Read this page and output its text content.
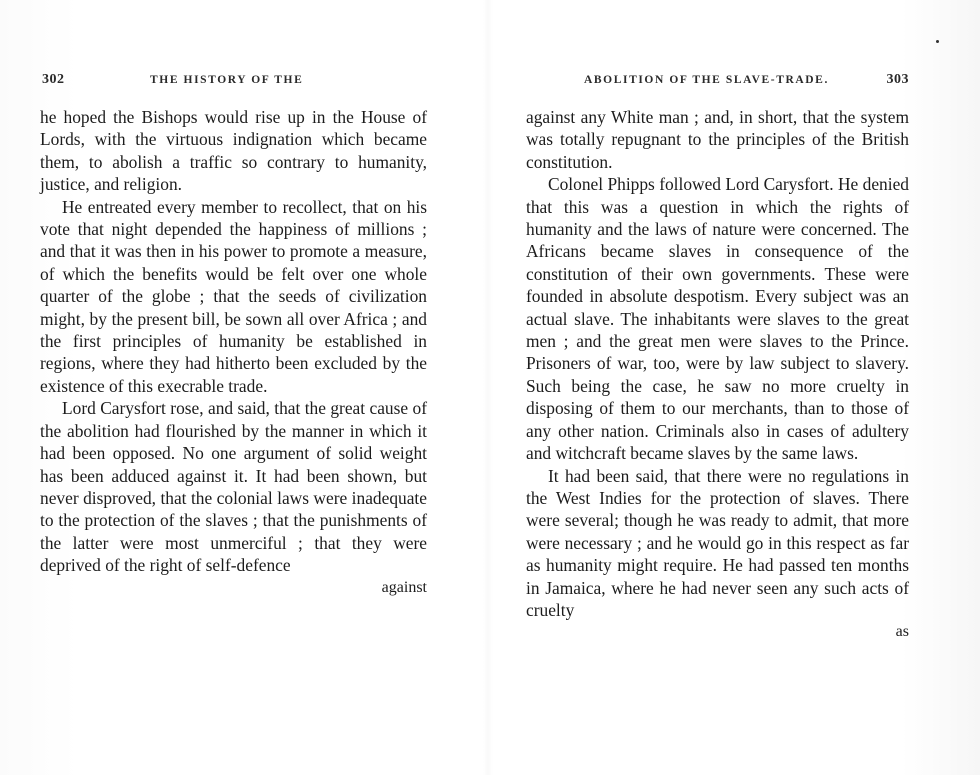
302	THE HISTORY OF THE

he hoped the Bishops would rise up in the House of Lords, with the virtuous indignation which became them, to abolish a traffic so contrary to humanity, justice, and religion.

He entreated every member to recollect, that on his vote that night depended the happiness of millions ; and that it was then in his power to promote a measure, of which the benefits would be felt over one whole quarter of the globe ; that the seeds of civilization might, by the present bill, be sown all over Africa ; and the first principles of humanity be established in regions, where they had hitherto been excluded by the existence of this execrable trade.

Lord Carysfort rose, and said, that the great cause of the abolition had flourished by the manner in which it had been opposed. No one argument of solid weight has been adduced against it. It had been shown, but never disproved, that the colonial laws were inadequate to the protection of the slaves ; that the punishments of the latter were most unmerciful ; that they were deprived of the right of self-defence

against
ABOLITION OF THE SLAVE-TRADE.	303

against any White man ; and, in short, that the system was totally repugnant to the principles of the British constitution.

Colonel Phipps followed Lord Carysfort. He denied that this was a question in which the rights of humanity and the laws of nature were concerned. The Africans became slaves in consequence of the constitution of their own governments. These were founded in absolute despotism. Every subject was an actual slave. The inhabitants were slaves to the great men ; and the great men were slaves to the Prince. Prisoners of war, too, were by law subject to slavery. Such being the case, he saw no more cruelty in disposing of them to our merchants, than to those of any other nation. Criminals also in cases of adultery and witchcraft became slaves by the same laws.

It had been said, that there were no regulations in the West Indies for the protection of slaves. There were several; though he was ready to admit, that more were necessary ; and he would go in this respect as far as humanity might require. He had passed ten months in Jamaica, where he had never seen any such acts of cruelty

as
